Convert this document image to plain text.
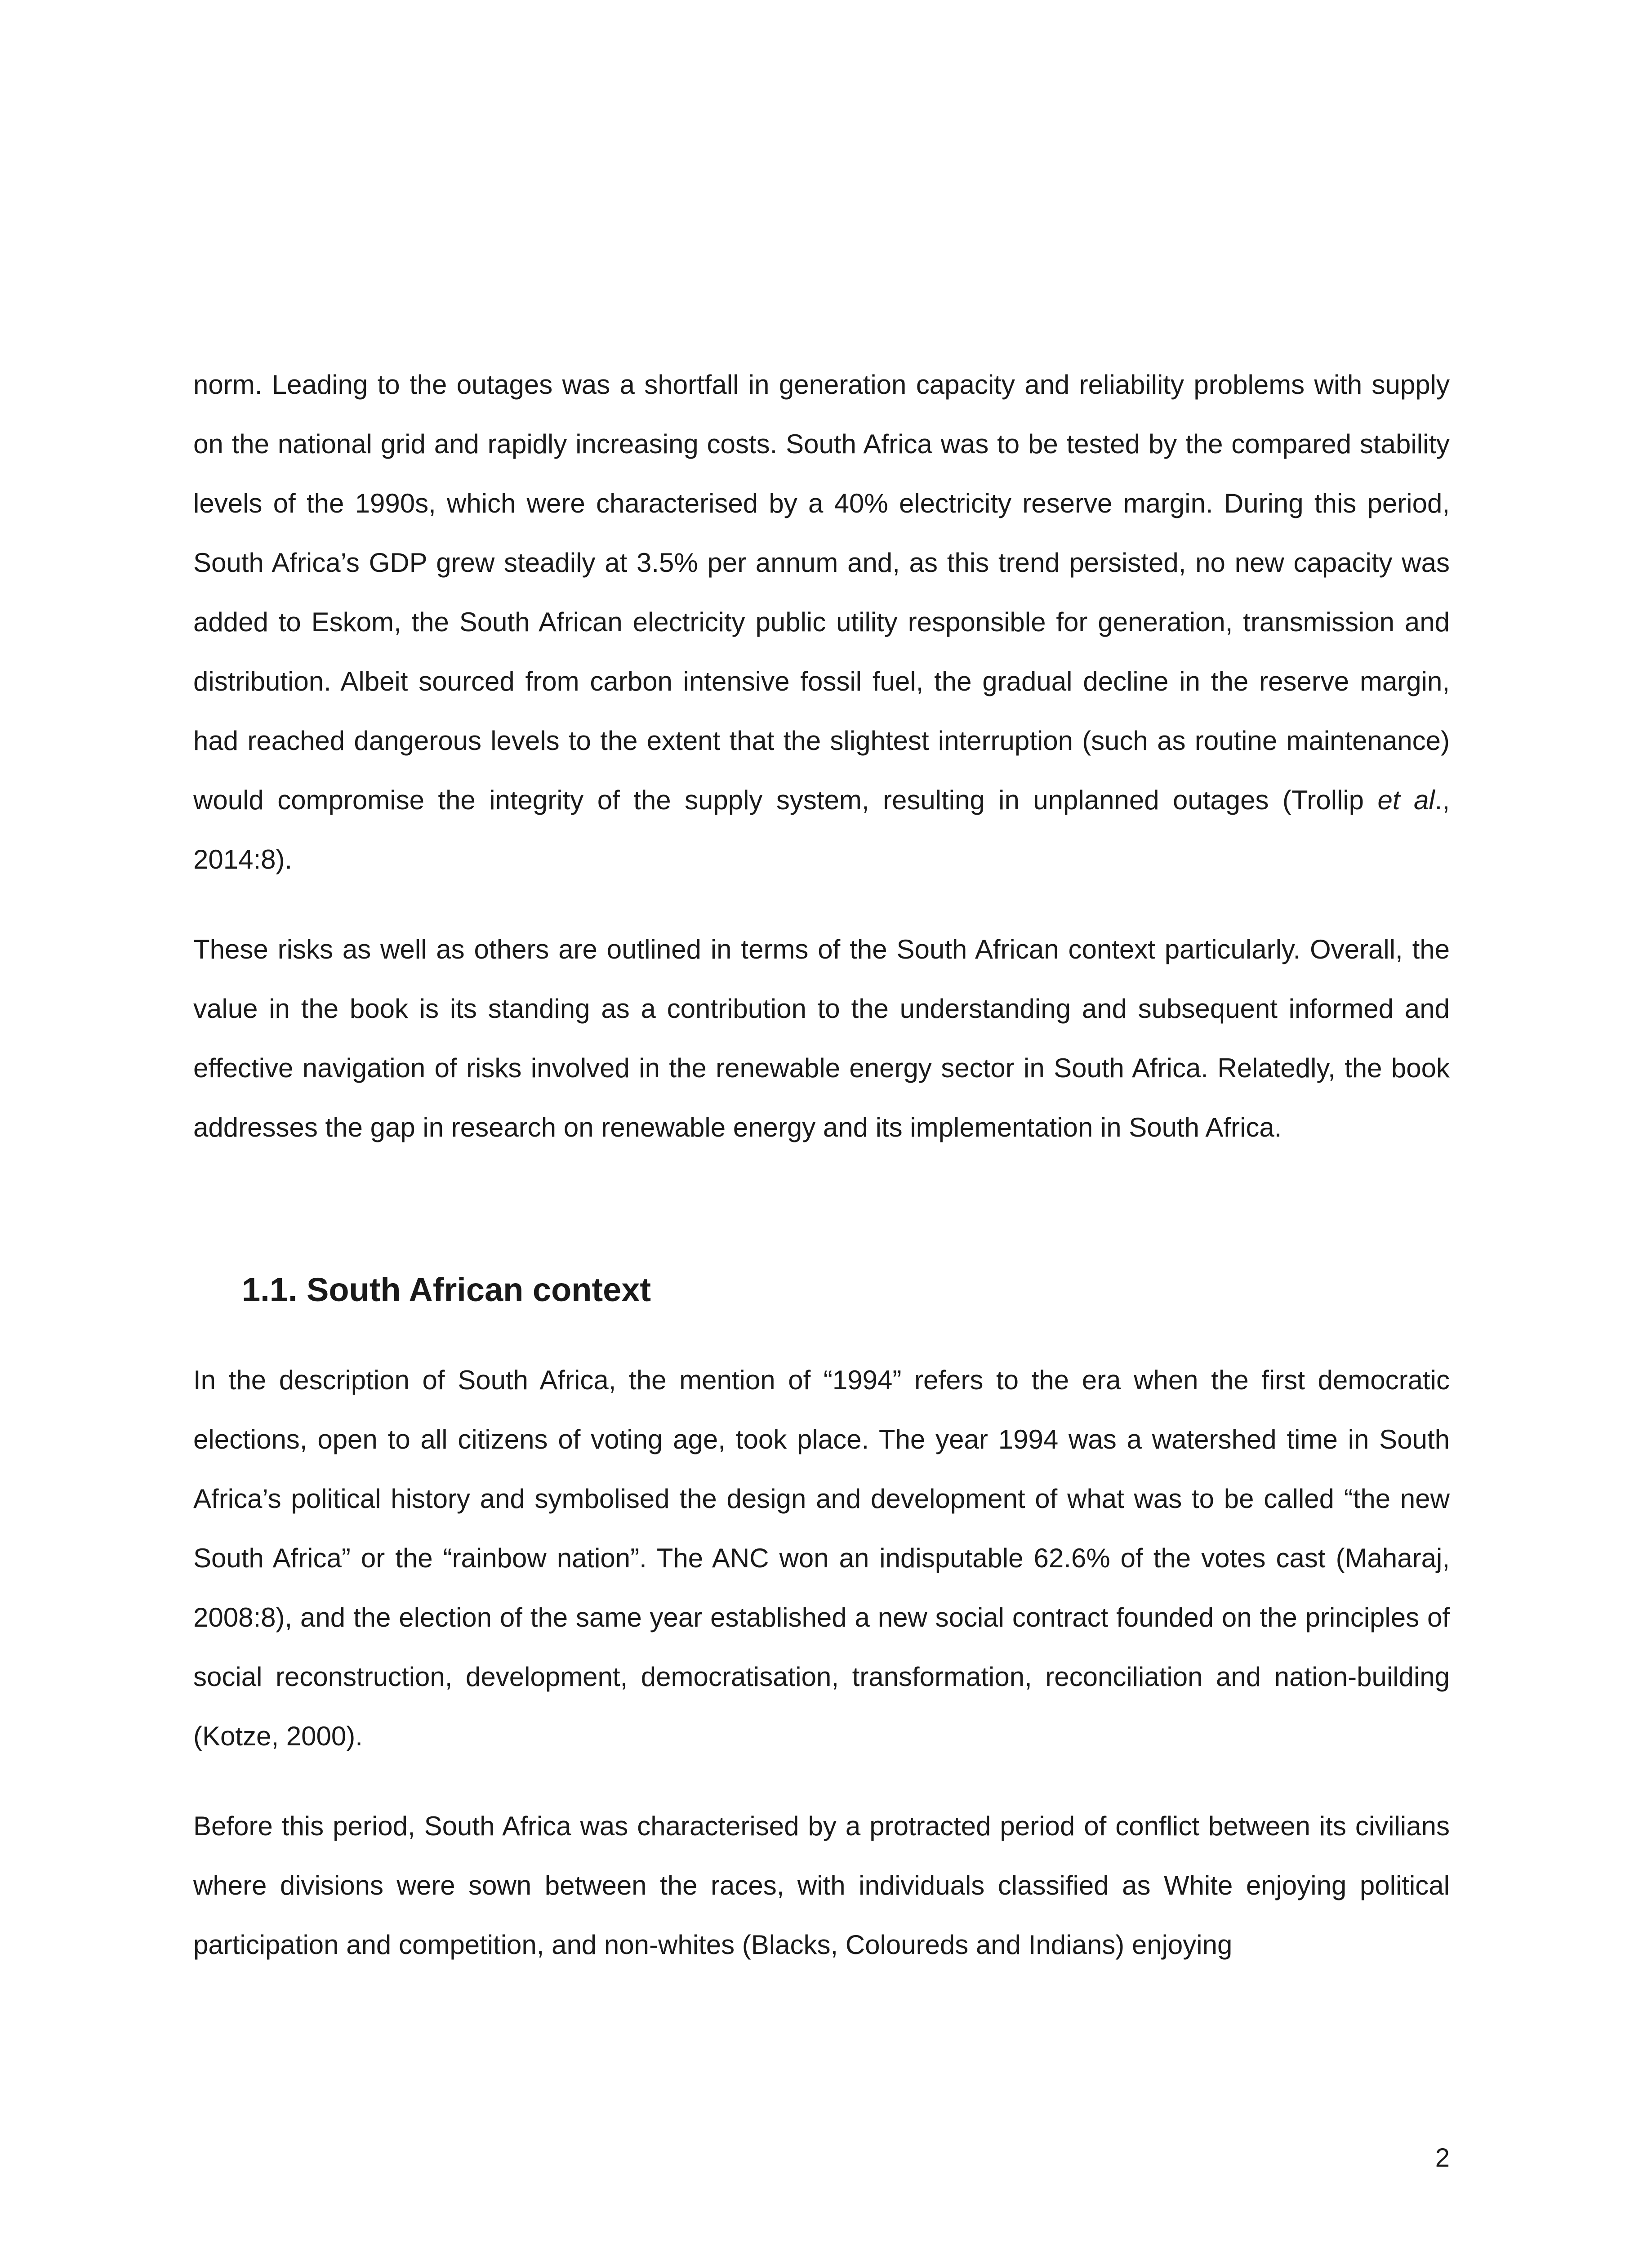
norm. Leading to the outages was a shortfall in generation capacity and reliability problems with supply on the national grid and rapidly increasing costs. South Africa was to be tested by the compared stability levels of the 1990s, which were characterised by a 40% electricity reserve margin. During this period, South Africa’s GDP grew steadily at 3.5% per annum and, as this trend persisted, no new capacity was added to Eskom, the South African electricity public utility responsible for generation, transmission and distribution. Albeit sourced from carbon intensive fossil fuel, the gradual decline in the reserve margin, had reached dangerous levels to the extent that the slightest interruption (such as routine maintenance) would compromise the integrity of the supply system, resulting in unplanned outages (Trollip et al., 2014:8).

These risks as well as others are outlined in terms of the South African context particularly. Overall, the value in the book is its standing as a contribution to the understanding and subsequent informed and effective navigation of risks involved in the renewable energy sector in South Africa. Relatedly, the book addresses the gap in research on renewable energy and its implementation in South Africa.

1.1. South African context

In the description of South Africa, the mention of “1994” refers to the era when the first democratic elections, open to all citizens of voting age, took place. The year 1994 was a watershed time in South Africa’s political history and symbolised the design and development of what was to be called “the new South Africa” or the “rainbow nation”. The ANC won an indisputable 62.6% of the votes cast (Maharaj, 2008:8), and the election of the same year established a new social contract founded on the principles of social reconstruction, development, democratisation, transformation, reconciliation and nation-building (Kotze, 2000).

Before this period, South Africa was characterised by a protracted period of conflict between its civilians where divisions were sown between the races, with individuals classified as White enjoying political participation and competition, and non-whites (Blacks, Coloureds and Indians) enjoying

2
